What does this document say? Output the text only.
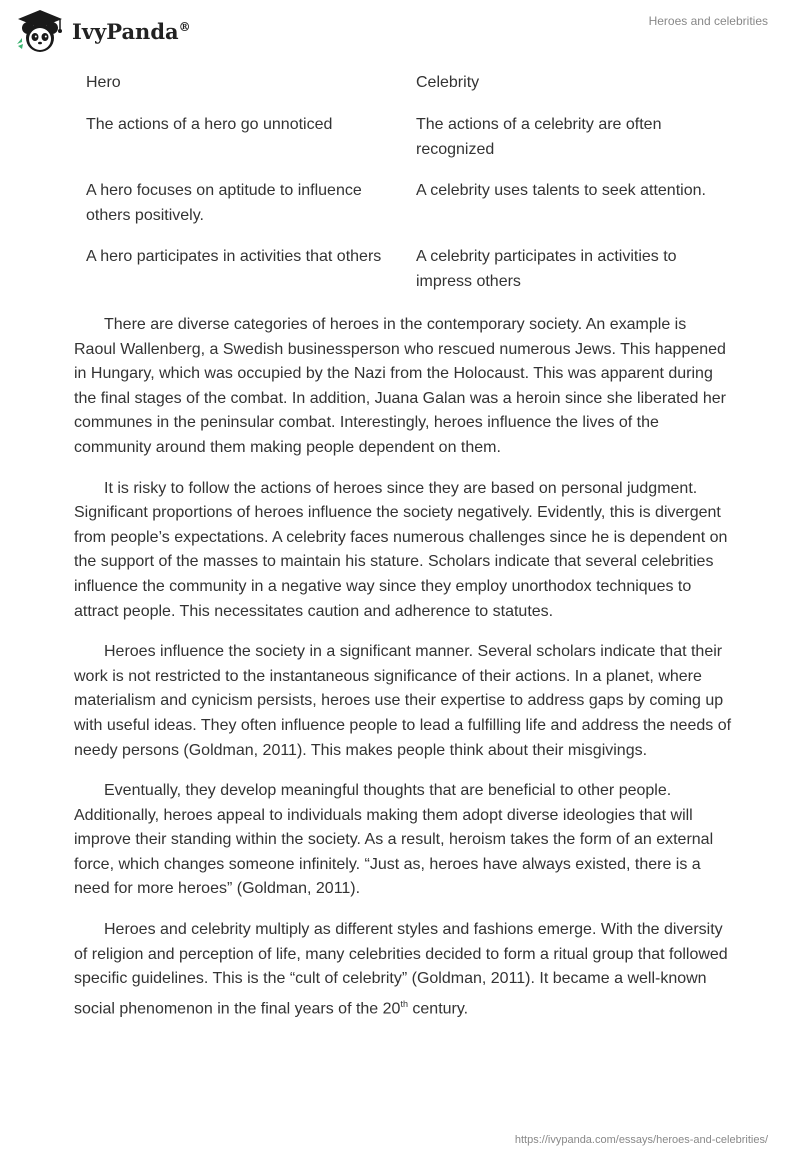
IvyPanda®	Heroes and celebrities
Hero	Celebrity
The actions of a hero go unnoticed	The actions of a celebrity are often recognized
A hero focuses on aptitude to influence others positively.	A celebrity uses talents to seek attention.
A hero participates in activities that others	A celebrity participates in activities to impress others

There are diverse categories of heroes in the contemporary society. An example is Raoul Wallenberg, a Swedish businessperson who rescued numerous Jews. This happened in Hungary, which was occupied by the Nazi from the Holocaust. This was apparent during the final stages of the combat. In addition, Juana Galan was a heroin since she liberated her communes in the peninsular combat. Interestingly, heroes influence the lives of the community around them making people dependent on them.

It is risky to follow the actions of heroes since they are based on personal judgment. Significant proportions of heroes influence the society negatively. Evidently, this is divergent from people’s expectations. A celebrity faces numerous challenges since he is dependent on the support of the masses to maintain his stature. Scholars indicate that several celebrities influence the community in a negative way since they employ unorthodox techniques to attract people. This necessitates caution and adherence to statutes.

Heroes influence the society in a significant manner. Several scholars indicate that their work is not restricted to the instantaneous significance of their actions. In a planet, where materialism and cynicism persists, heroes use their expertise to address gaps by coming up with useful ideas. They often influence people to lead a fulfilling life and address the needs of needy persons (Goldman, 2011). This makes people think about their misgivings.

Eventually, they develop meaningful thoughts that are beneficial to other people. Additionally, heroes appeal to individuals making them adopt diverse ideologies that will improve their standing within the society. As a result, heroism takes the form of an external force, which changes someone infinitely. “Just as, heroes have always existed, there is a need for more heroes” (Goldman, 2011).

Heroes and celebrity multiply as different styles and fashions emerge. With the diversity of religion and perception of life, many celebrities decided to form a ritual group that followed specific guidelines. This is the “cult of celebrity” (Goldman, 2011). It became a well-known social phenomenon in the final years of the 20th century.

https://ivypanda.com/essays/heroes-and-celebrities/
